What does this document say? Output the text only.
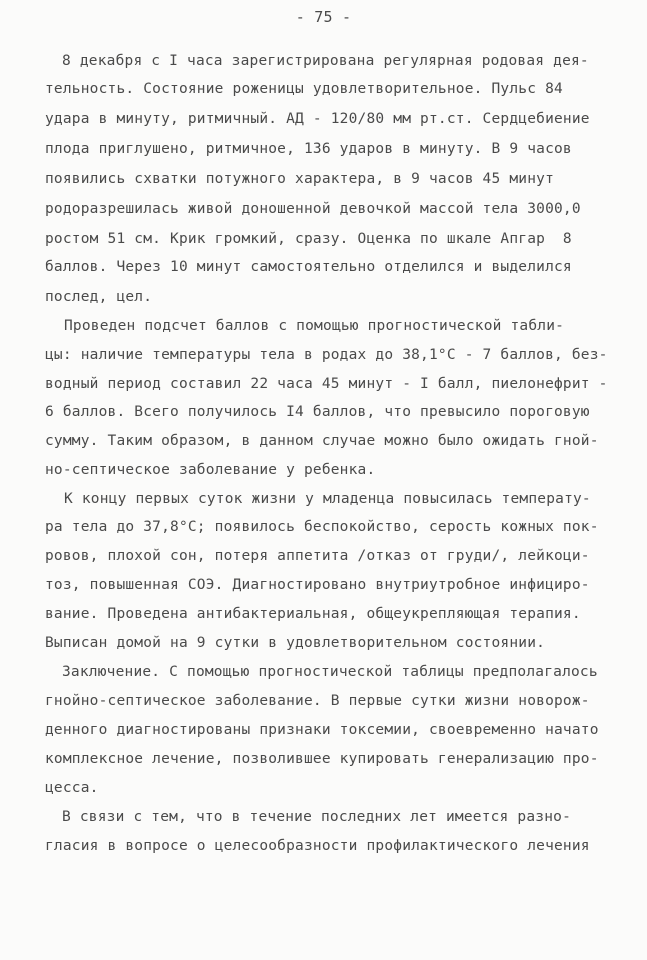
- 75 -
8 декабря с I часа зарегистрирована регулярная родовая дея-
тельность. Состояние роженицы удовлетворительное. Пульс 84
удара в минуту, ритмичный. АД - 120/80 мм рт.ст. Сердцебиение
плода приглушено, ритмичное, 136 ударов в минуту. В 9 часов
появились схватки потужного характера, в 9 часов 45 минут
родоразрешилась живой доношенной девочкой массой тела 3000,0
ростом 51 см. Крик громкий, сразу. Оценка по шкале Апгар  8
баллов. Через 10 минут самостоятельно отделился и выделился
послед, цел.
Проведен подсчет баллов с помощью прогностической табли-
цы: наличие температуры тела в родах до 38,1°C - 7 баллов, без-
водный период составил 22 часа 45 минут - I балл, пиелонефрит -
6 баллов. Всего получилось I4 баллов, что превысило пороговую
сумму. Таким образом, в данном случае можно было ожидать гной-
но-септическое заболевание у ребенка.
К концу первых суток жизни у младенца повысилась температу-
ра тела до 37,8°C; появилось беспокойство, серость кожных пок-
ровов, плохой сон, потеря аппетита /отказ от груди/, лейкоци-
тоз, повышенная СОЭ. Диагностировано внутриутробное инфициро-
вание. Проведена антибактериальная, общеукрепляющая терапия.
Выписан домой на 9 сутки в удовлетворительном состоянии.
Заключение. С помощью прогностической таблицы предполагалось
гнойно-септическое заболевание. В первые сутки жизни новорож-
денного диагностированы признаки токсемии, своевременно начато
комплексное лечение, позволившее купировать генерализацию про-
цесса.
В связи с тем, что в течение последних лет имеется разно-
гласия в вопросе о целесообразности профилактического лечения
